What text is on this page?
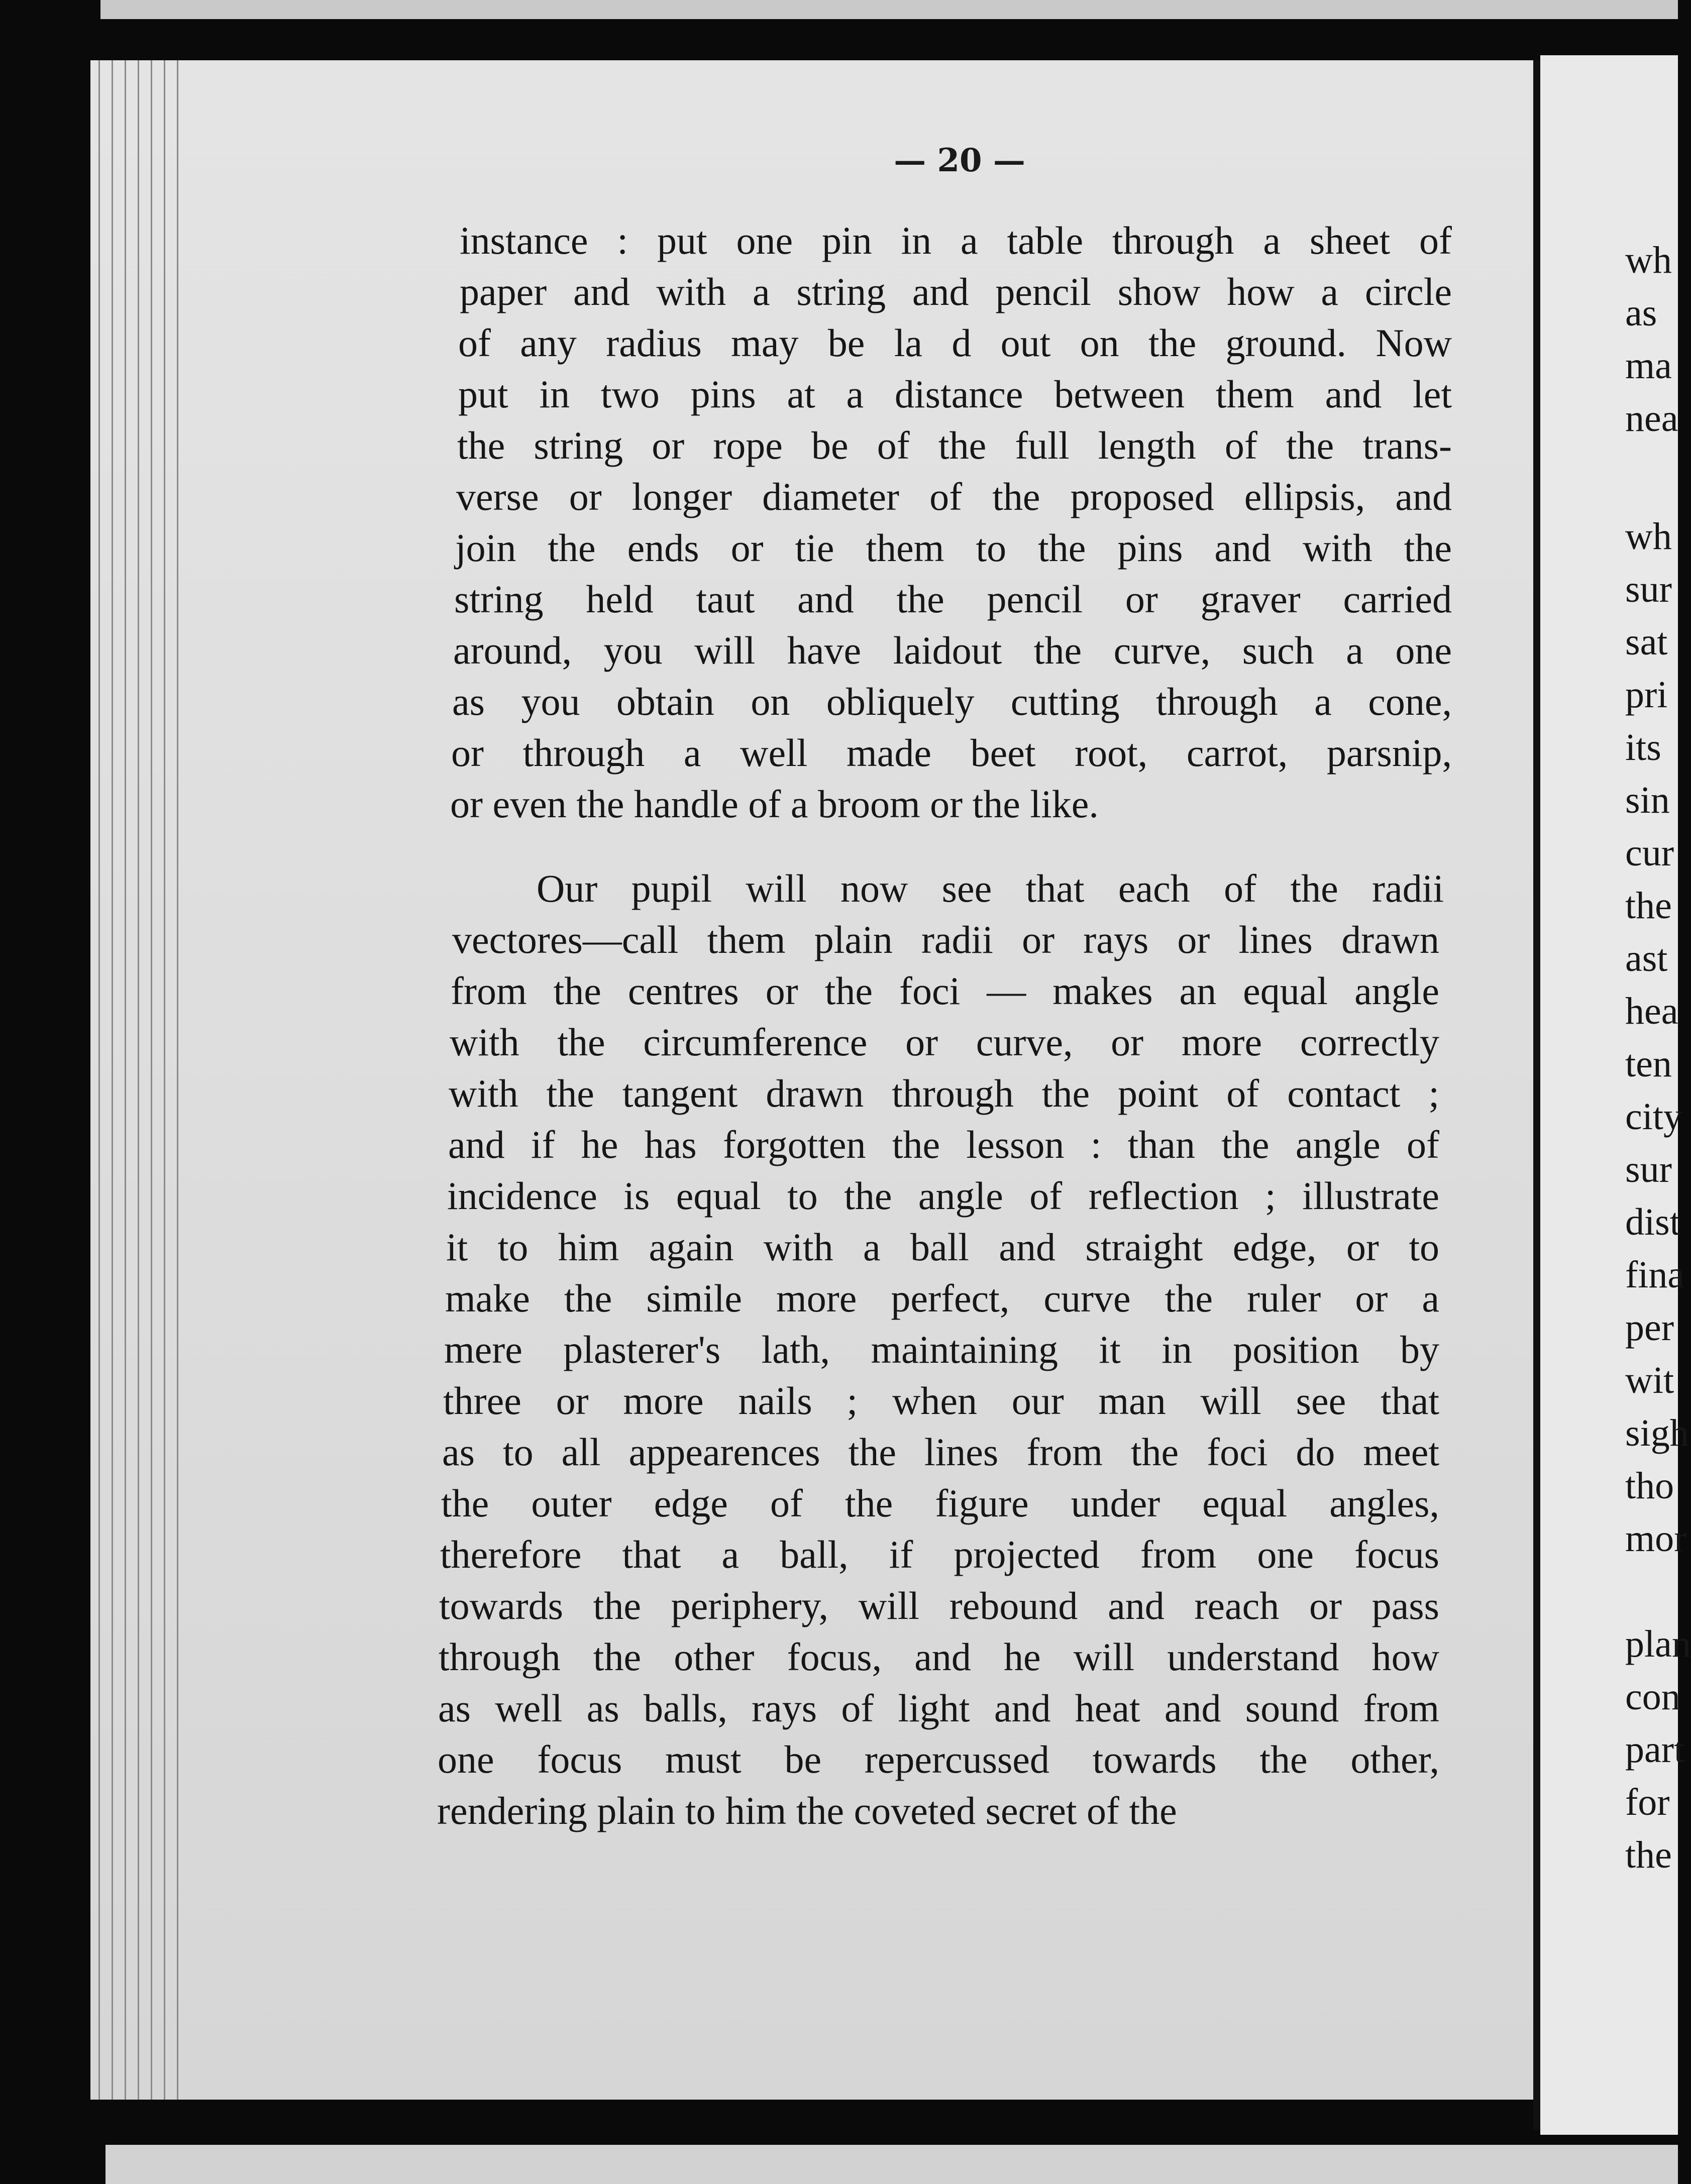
— 20 —

instance : put one pin in a table through a sheet of

paper and with a string and pencil show how a circle

of any radius may be la d out on the ground. Now

put in two pins at a distance between them and let

the string or rope be of the full length of the trans-

verse or longer diameter of the proposed ellipsis, and

join the ends or tie them to the pins and with the

string held taut and the pencil or graver carried

around, you will have laidout the curve, such a one

as you obtain on obliquely cutting through a cone,

or through a well made beet root, carrot, parsnip,

or even the handle of a broom or the like.

Our pupil will now see that each of the radii

vectores—call them plain radii or rays or lines drawn

from the centres or the foci — makes an equal angle

with the circumference or curve, or more correctly

with the tangent drawn through the point of contact ;

and if he has forgotten the lesson : than the angle of

incidence is equal to the angle of reflection ; illustrate

it to him again with a ball and straight edge, or to

make the simile more perfect, curve the ruler or a

mere plasterer's lath, maintaining it in position by

three or more nails ; when our man will see that

as to all appearences the lines from the foci do meet

the outer edge of the figure under equal angles,

therefore that a ball, if projected from one focus

towards the periphery, will rebound and reach or pass

through the other focus, and he will understand how

as well as balls, rays of light and heat and sound from

one focus must be repercussed towards the other,

rendering plain to him the coveted secret of the

wh

as

ma

nea

wh

sur

sat

pri

its

sin

cur

the

ast

hea

ten

city

sur

dist

fina

per

wit

sigh

tho

mor

plan

con

part

for

the
